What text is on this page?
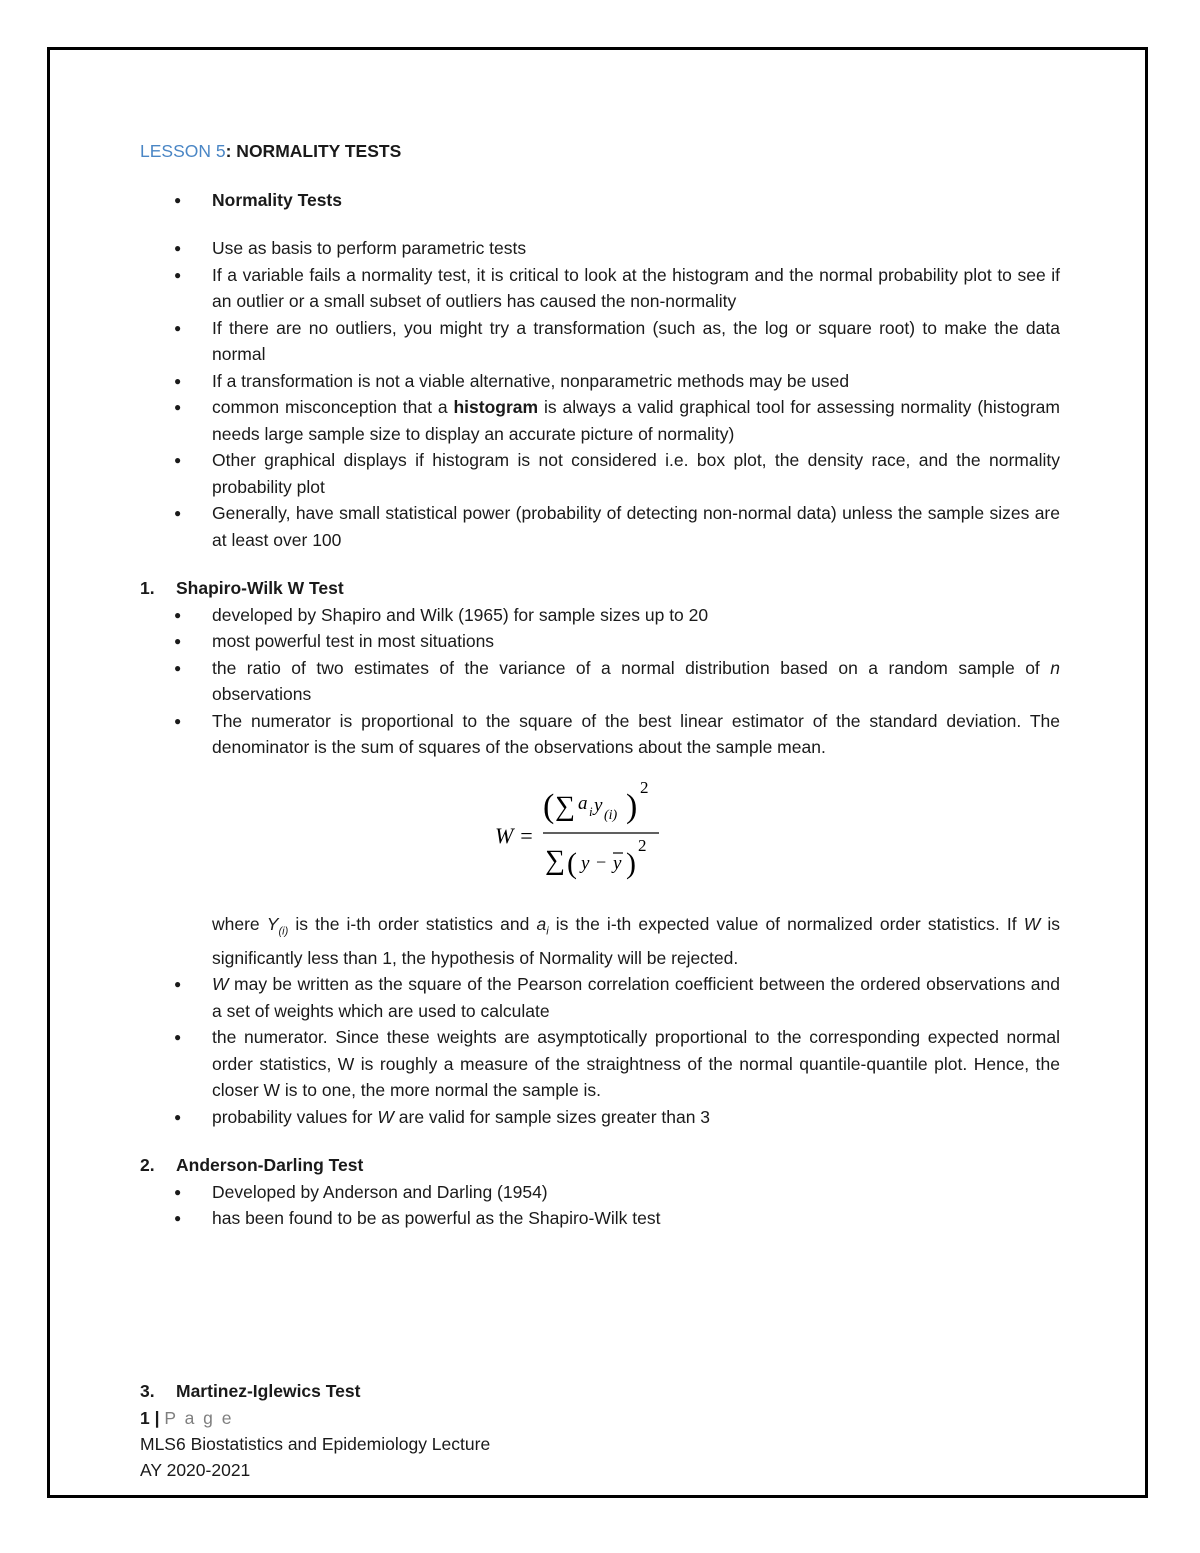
LESSON 5: NORMALITY TESTS
● Normality Tests
● Use as basis to perform parametric tests
● If a variable fails a normality test, it is critical to look at the histogram and the normal probability plot to see if an outlier or a small subset of outliers has caused the non-normality
● If there are no outliers, you might try a transformation (such as, the log or square root) to make the data normal
● If a transformation is not a viable alternative, nonparametric methods may be used
● common misconception that a histogram is always a valid graphical tool for assessing normality (histogram needs large sample size to display an accurate picture of normality)
● Other graphical displays if histogram is not considered i.e. box plot, the density race, and the normality probability plot
● Generally, have small statistical power (probability of detecting non-normal data) unless the sample sizes are at least over 100
1. Shapiro-Wilk W Test
● developed by Shapiro and Wilk (1965) for sample sizes up to 20
● most powerful test in most situations
● the ratio of two estimates of the variance of a normal distribution based on a random sample of n observations
● The numerator is proportional to the square of the best linear estimator of the standard deviation. The denominator is the sum of squares of the observations about the sample mean.
W =
( ∑ a i y (i) )
2
∑ ( y − y )
2
where $Y_{(i)}$ is the i-th order statistics and $a_i$ is the i-th expected value of normalized order statistics. If W is significantly less than 1, the hypothesis of Normality will be rejected.
● W may be written as the square of the Pearson correlation coefficient between the ordered observations and a set of weights which are used to calculate
● the numerator. Since these weights are asymptotically proportional to the corresponding expected normal order statistics, W is roughly a measure of the straightness of the normal quantile-quantile plot. Hence, the closer W is to one, the more normal the sample is.
● probability values for W are valid for sample sizes greater than 3
2. Anderson-Darling Test
● Developed by Anderson and Darling (1954)
● has been found to be as powerful as the Shapiro-Wilk test
3. Martinez-Iglewics Test
1 | P a g e
MLS6 Biostatistics and Epidemiology Lecture
AY 2020-2021
